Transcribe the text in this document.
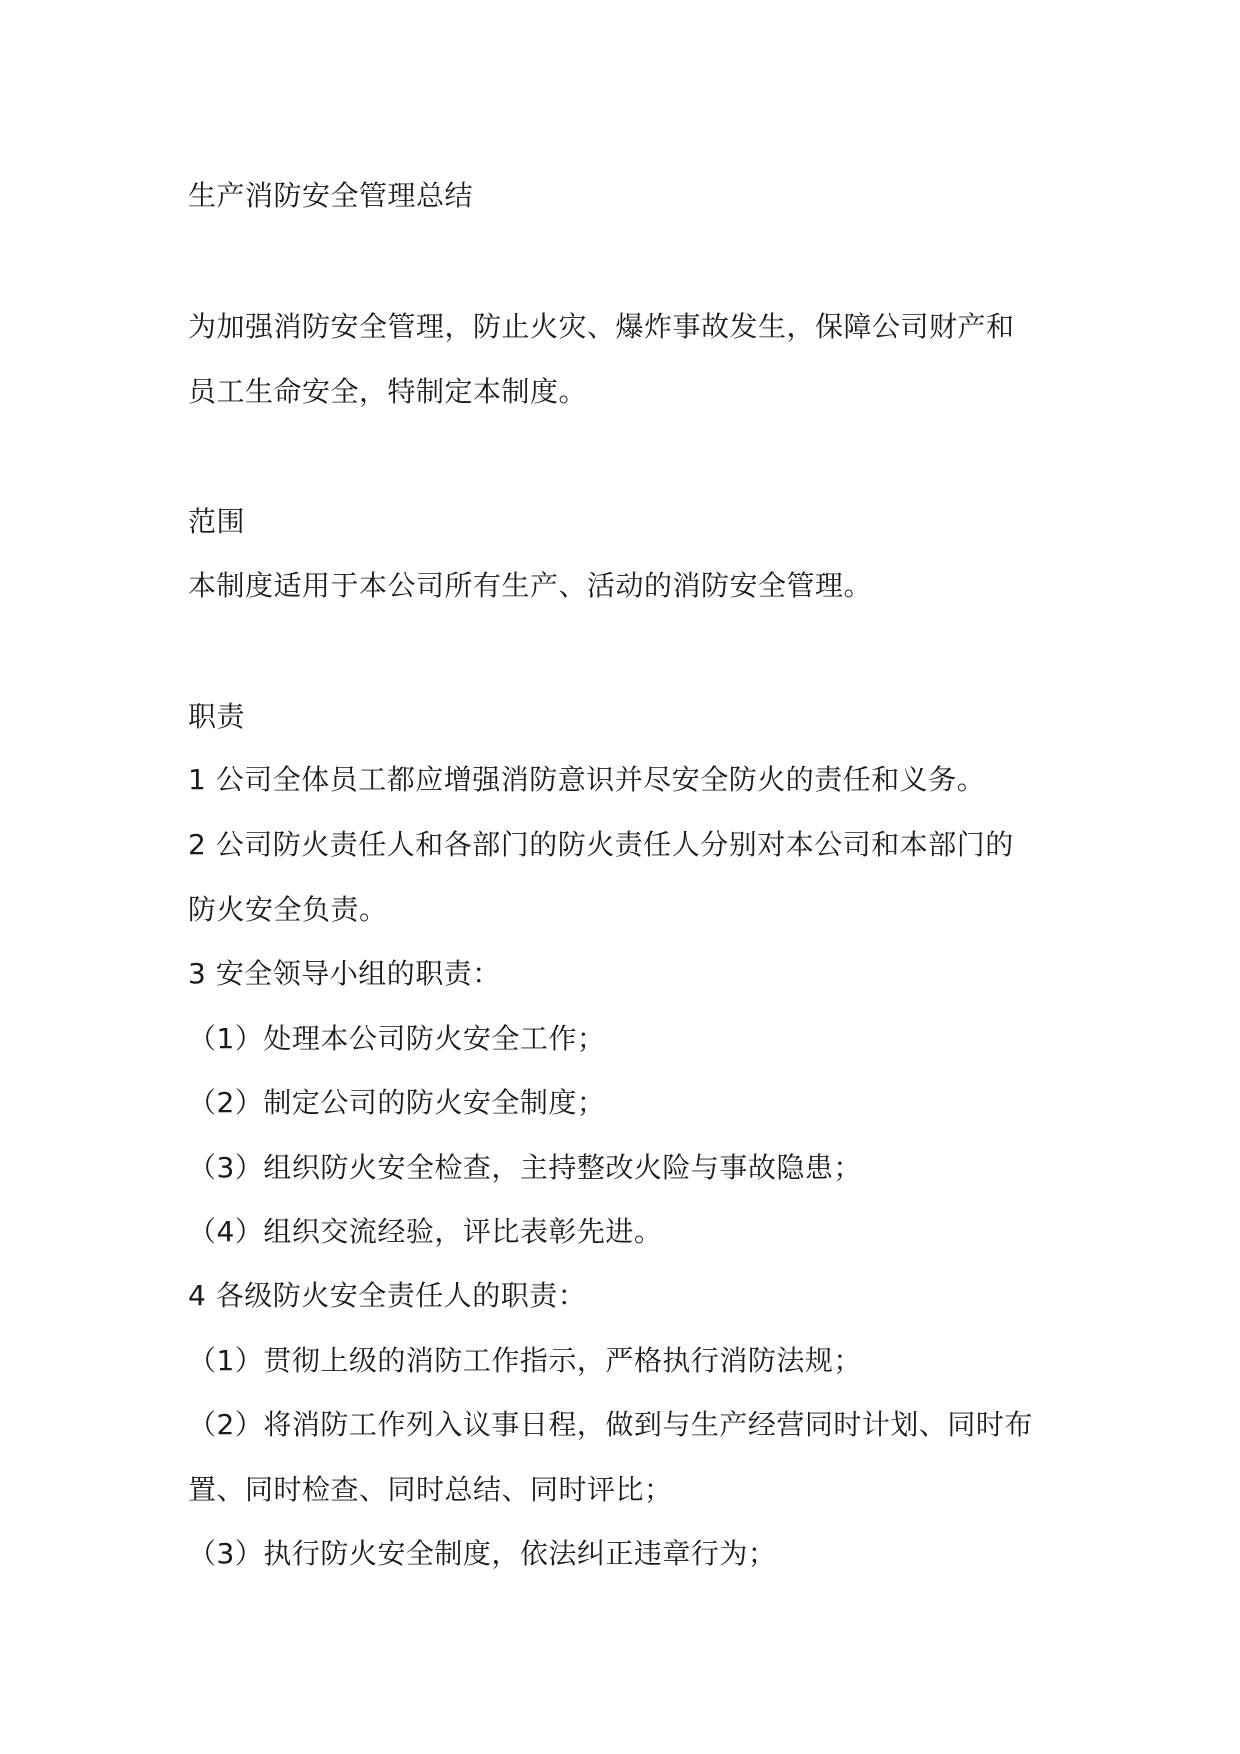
生产消防安全管理总结
为加强消防安全管理，防止火灾、爆炸事故发生，保障公司财产和
员工生命安全，特制定本制度。
范围
本制度适用于本公司所有生产、活动的消防安全管理。
职责
1 公司全体员工都应增强消防意识并尽安全防火的责任和义务。
2 公司防火责任人和各部门的防火责任人分别对本公司和本部门的
防火安全负责。
3 安全领导小组的职责：
（1）处理本公司防火安全工作；
（2）制定公司的防火安全制度；
（3）组织防火安全检查，主持整改火险与事故隐患；
（4）组织交流经验，评比表彰先进。
4 各级防火安全责任人的职责：
（1）贯彻上级的消防工作指示，严格执行消防法规；
（2）将消防工作列入议事日程，做到与生产经营同时计划、同时布
置、同时检查、同时总结、同时评比；
（3）执行防火安全制度，依法纠正违章行为；
